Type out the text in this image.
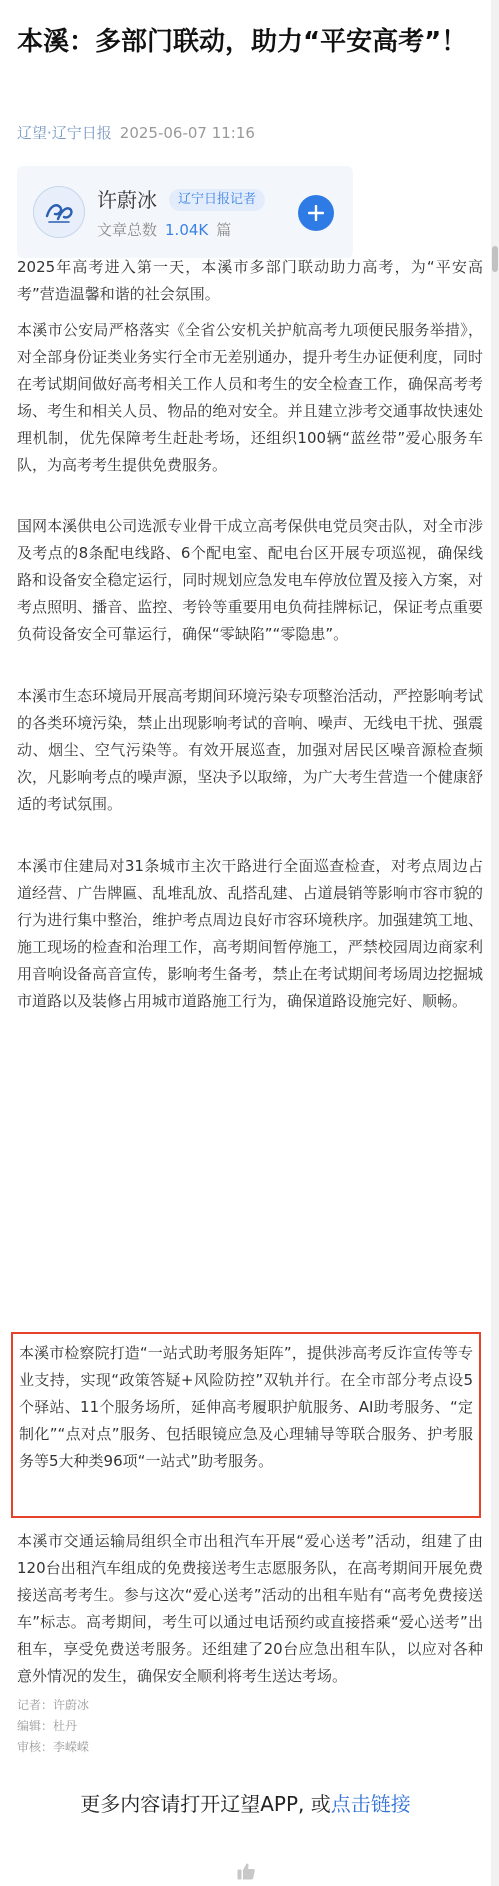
本溪：多部门联动，助力“平安高考”！
辽望·辽宁日报 2025-06-07 11:16
许蔚冰	辽宁日报记者
文章总数 1.04K 篇

2025年高考进入第一天，本溪市多部门联动助力高考，为“平安高考”营造温馨和谐的社会氛围。

本溪市公安局严格落实《全省公安机关护航高考九项便民服务举措》，对全部身份证类业务实行全市无差别通办，提升考生办证便利度，同时在考试期间做好高考相关工作人员和考生的安全检查工作，确保高考考场、考生和相关人员、物品的绝对安全。并且建立涉考交通事故快速处理机制，优先保障考生赶赴考场，还组织100辆“蓝丝带”爱心服务车队，为高考考生提供免费服务。

国网本溪供电公司选派专业骨干成立高考保供电党员突击队，对全市涉及考点的8条配电线路、6个配电室、配电台区开展专项巡视，确保线路和设备安全稳定运行，同时规划应急发电车停放位置及接入方案，对考点照明、播音、监控、考铃等重要用电负荷挂牌标记，保证考点重要负荷设备安全可靠运行，确保“零缺陷”“零隐患”。

本溪市生态环境局开展高考期间环境污染专项整治活动，严控影响考试的各类环境污染，禁止出现影响考试的音响、噪声、无线电干扰、强震动、烟尘、空气污染等。有效开展巡查，加强对居民区噪音源检查频次，凡影响考点的噪声源，坚决予以取缔，为广大考生营造一个健康舒适的考试氛围。

本溪市住建局对31条城市主次干路进行全面巡查检查，对考点周边占道经营、广告牌匾、乱堆乱放、乱搭乱建、占道晨销等影响市容市貌的行为进行集中整治，维护考点周边良好市容环境秩序。加强建筑工地、施工现场的检查和治理工作，高考期间暂停施工，严禁校园周边商家利用音响设备高音宣传，影响考生备考，禁止在考试期间考场周边挖掘城市道路以及装修占用城市道路施工行为，确保道路设施完好、顺畅。

本溪市检察院打造“一站式助考服务矩阵”，提供涉高考反诈宣传等专业支持，实现“政策答疑+风险防控”双轨并行。在全市部分考点设5个驿站、11个服务场所，延伸高考履职护航服务、AI助考服务、“定制化”“点对点”服务、包括眼镜应急及心理辅导等联合服务、护考服务等5大种类96项“一站式”助考服务。

本溪市交通运输局组织全市出租汽车开展“爱心送考”活动，组建了由120台出租汽车组成的免费接送考生志愿服务队，在高考期间开展免费接送高考考生。参与这次“爱心送考”活动的出租车贴有“高考免费接送车”标志。高考期间，考生可以通过电话预约或直接搭乘“爱心送考”出租车，享受免费送考服务。还组建了20台应急出租车队，以应对各种意外情况的发生，确保安全顺利将考生送达考场。

记者：许蔚冰
编辑：杜丹
审核：李嵘嵘
更多内容请打开辽望APP, 或点击链接
